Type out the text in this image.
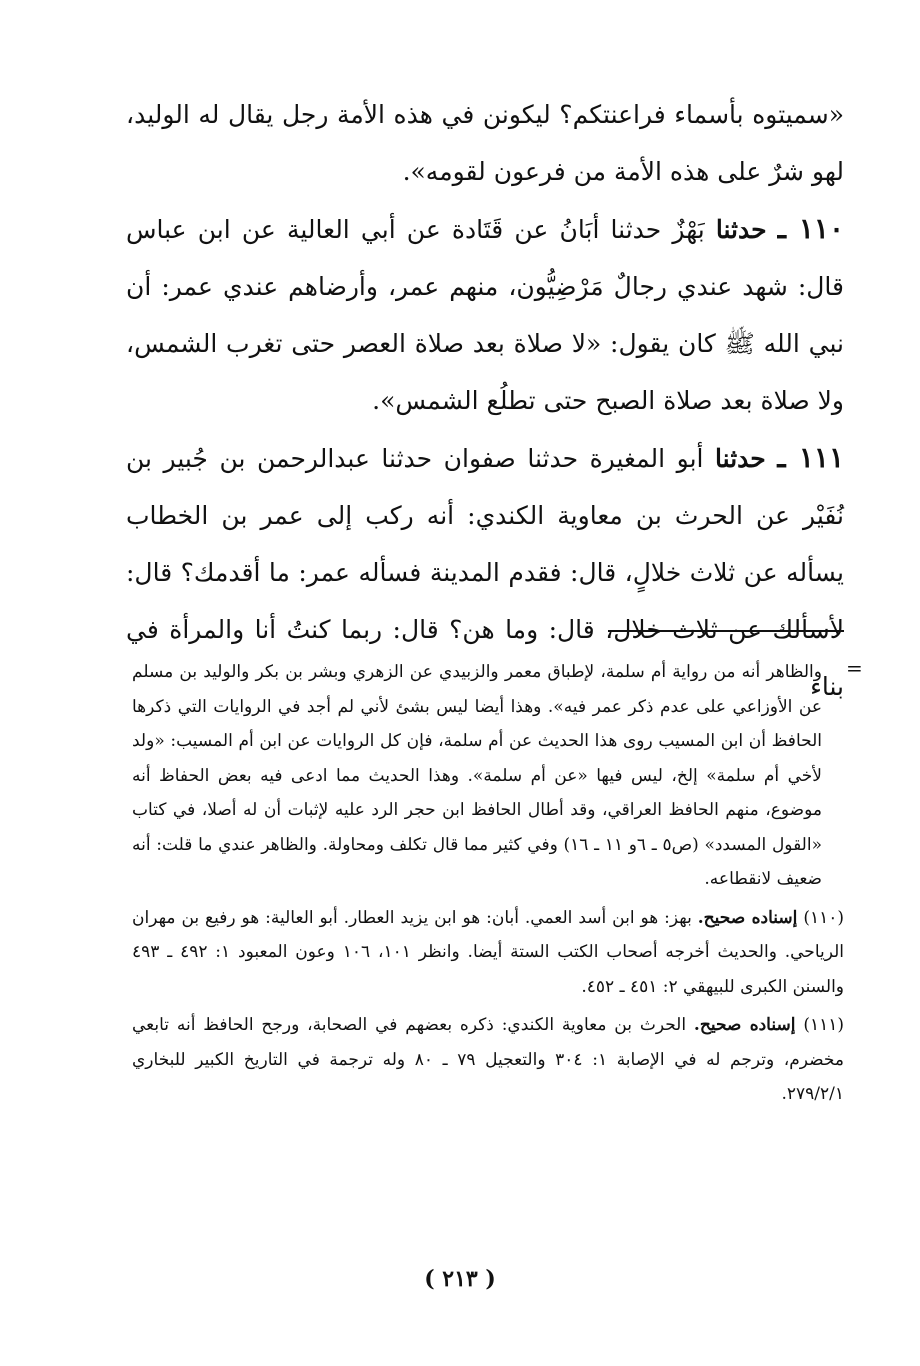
«سميتوه بأسماء فراعنتكم؟ ليكونن في هذه الأمة رجل يقال له الوليد، لهو شرٌ على هذه الأمة من فرعون لقومه».

١١٠ ـ حدثنا بَهْزٌ حدثنا أبَانُ عن قَتَادة عن أبي العالية عن ابن عباس قال: شهد عندي رجالٌ مَرْضِيُّون، منهم عمر، وأرضاهم عندي عمر: أن نبي الله ﷺ كان يقول: «لا صلاة بعد صلاة العصر حتى تغرب الشمس، ولا صلاة بعد صلاة الصبح حتى تطلُع الشمس».

١١١ ـ حدثنا أبو المغيرة حدثنا صفوان حدثنا عبدالرحمن بن جُبير بن نُفَيْر عن الحرث بن معاوية الكندي: أنه ركب إلى عمر بن الخطاب يسأله عن ثلاث خلالٍ، قال: فقدم المدينة فسأله عمر: ما أقدمك؟ قال: لأسألك عن ثلاث خلال، قال: وما هن؟ قال: ربما كنتُ أنا والمرأة في بناء

=

والظاهر أنه من رواية أم سلمة، لإطباق معمر والزبيدي عن الزهري وبشر بن بكر والوليد بن مسلم عن الأوزاعي على عدم ذكر عمر فيه». وهذا أيضا ليس بشئ لأني لم أجد في الروايات التي ذكرها الحافظ أن ابن المسيب روى هذا الحديث عن أم سلمة، فإن كل الروايات عن ابن أم المسيب: «ولد لأخي أم سلمة» إلخ، ليس فيها «عن أم سلمة». وهذا الحديث مما ادعى فيه بعض الحفاظ أنه موضوع، منهم الحافظ العراقي، وقد أطال الحافظ ابن حجر الرد عليه لإثبات أن له أصلا، في كتاب «القول المسدد» (ص٥ ـ ٦و ١١ ـ ١٦) وفي كثير مما قال تكلف ومحاولة. والظاهر عندي ما قلت: أنه ضعيف لانقطاعه.

(١١٠) إسناده صحيح. بهز: هو ابن أسد العمي. أبان: هو ابن يزيد العطار. أبو العالية: هو رفيع بن مهران الرياحي. والحديث أخرجه أصحاب الكتب الستة أيضا. وانظر ١٠١، ١٠٦ وعون المعبود ١: ٤٩٢ ـ ٤٩٣ والسنن الكبرى للبيهقي ٢: ٤٥١ ـ ٤٥٢.

(١١١) إسناده صحيح. الحرث بن معاوية الكندي: ذكره بعضهم في الصحابة، ورجح الحافظ أنه تابعي مخضرم، وترجم له في الإصابة ١: ٣٠٤ والتعجيل ٧٩ ـ ٨٠ وله ترجمة في التاريخ الكبير للبخاري ٢٧٩/٢/١.

( ٢١٣ )
